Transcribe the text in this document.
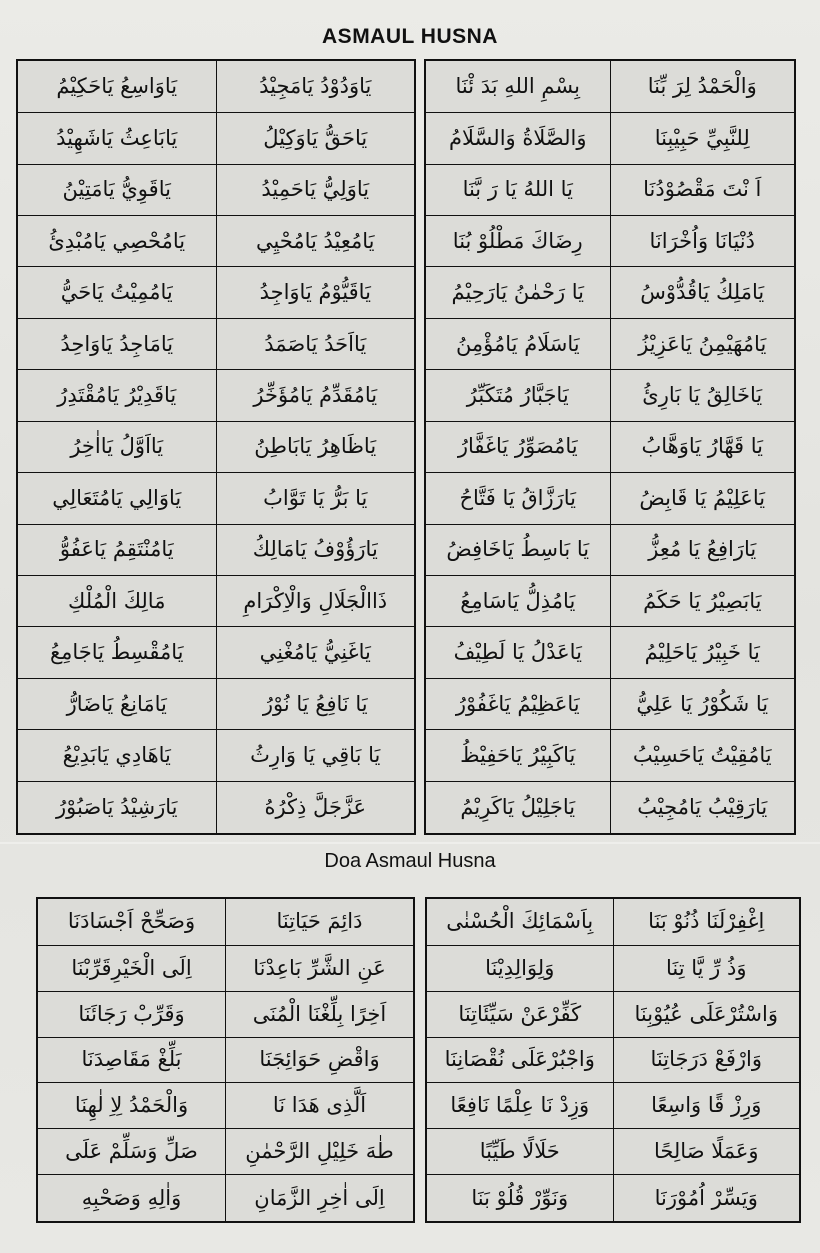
ASMAUL HUSNA
يَاوَاسِعُ يَاحَكِيْمُ	يَاوَدُوْدُ يَامَجِيْدُ
يَابَاعِثُ يَاشَهِيْدُ	يَاحَقُّ يَاوَكِيْلُ
يَاقَوِيُّ يَامَتِيْنُ	يَاوَلِيُّ يَاحَمِيْدُ
يَامُحْصِي يَامُبْدِئُ	يَامُعِيْدُ يَامُحْيِي
يَامُمِيْتُ يَاحَيُّ	يَاقَيُّوْمُ يَاوَاجِدُ
يَامَاجِدُ يَاوَاحِدُ	يَااَحَدُ يَاصَمَدُ
يَاقَدِيْرُ يَامُقْتَدِرُ	يَامُقَدِّمُ يَامُؤَخِّرُ
يَااَوَّلُ يَااٰخِرُ	يَاظَاهِرُ يَابَاطِنُ
يَاوَالِي يَامُتَعَالِي	يَا بَرُّ يَا تَوَّابُ
يَامُنْتَقِمُ يَاعَفُوُّ	يَارَؤُوْفُ يَامَالِكُ
مَالِكَ الْمُلْكِ	ذَاالْجَلَالِ وَالْاِكْرَامِ
يَامُقْسِطُ يَاجَامِعُ	يَاغَنِيُّ يَامُغْنِي
يَامَانِعُ يَاضَارُّ	يَا نَافِعُ يَا نُوْرُ
يَاهَادِي يَابَدِيْعُ	يَا بَاقِي يَا وَارِثُ
يَارَشِيْدُ يَاصَبُوْرُ	عَزَّجَلَّ ذِكْرُهُ
بِسْمِ اللهِ بَدَ ئْنَا	وَالْحَمْدُ لِرَ بِّنَا
وَالصَّلَاةُ وَالسَّلَامُ	لِلنَّبِيِّ حَبِيْبِنَا
يَا اللهُ يَا رَ بَّنَا	اَ نْتَ مَقْصُوْدُنَا
رِضَاكَ مَطْلُوْ بُنَا	دُنْيَانَا وَاُخْرَانَا
يَا رَحْمٰنُ يَارَحِيْمُ	يَامَلِكُ يَاقُدُّوْسُ
يَاسَلَامُ يَامُؤْمِنُ	يَامُهَيْمِنُ يَاعَزِيْزُ
يَاجَبَّارُ مُتَكَبِّرُ	يَاخَالِقُ يَا بَارِئُ
يَامُصَوِّرُ يَاغَفَّارُ	يَا قَهَّارُ يَاوَهَّابُ
يَارَزَّاقُ يَا فَتَّاحُ	يَاعَلِيْمُ يَا قَابِضُ
يَا بَاسِطُ يَاخَافِضُ	يَارَافِعُ يَا مُعِزُّ
يَامُذِلُّ يَاسَامِعُ	يَابَصِيْرُ يَا حَكَمُ
يَاعَدْلُ يَا لَطِيْفُ	يَا خَبِيْرُ يَاحَلِيْمُ
يَاعَظِيْمُ يَاغَفُوْرُ	يَا شَكُوْرُ يَا عَلِيُّ
يَاكَبِيْرُ يَاحَفِيْظُ	يَامُقِيْتُ يَاحَسِيْبُ
يَاجَلِيْلُ يَاكَرِيْمُ	يَارَقِيْبُ يَامُجِيْبُ
Doa Asmaul Husna
وَصَحِّحْ اَجْسَادَنَا	دَائِمَ حَيَاتِنَا
اِلَى الْخَيْرِقَرِّبْنَا	عَنِ الشَّرِّ بَاعِدْنَا
وَقَرِّبْ رَجَائَنَا	اَخِرًا بِلِّغْنَا الْمُنَى
بَلِّغْ مَقَاصِدَنَا	وَاقْضِ حَوَائِجَنَا
وَالْحَمْدُ لِاِ لٰهِنَا	اَلَّذِى هَدَا نَا
صَلِّ وَسَلِّمْ عَلَى	طٰهَ خَلِيْلِ الرَّحْمٰنِ
وَاٰلِهِ وَصَحْبِهِ	اِلَى اٰخِرِ الزَّمَانِ
بِاَسْمَائِكَ الْحُسْنٰى	اِغْفِرْلَنَا ذُنُوْ بَنَا
وَلِوَالِدِيْنَا	وَذُ رِّ يَّا تِنَا
كَفِّرْعَنْ سَيِّئَاتِنَا	وَاسْتُرْعَلَى عُيُوْبِنَا
وَاجْبُرْعَلَى نُقْصَانِنَا	وَارْفَعْ دَرَجَاتِنَا
وَزِدْ نَا عِلْمًا نَافِعًا	وَرِزْ قًا وَاسِعًا
حَلَالًا طَيِّبًا	وَعَمَلًا صَالِحًا
وَنَوِّرْ قُلُوْ بَنَا	وَيَسِّرْ اُمُوْرَنَا
